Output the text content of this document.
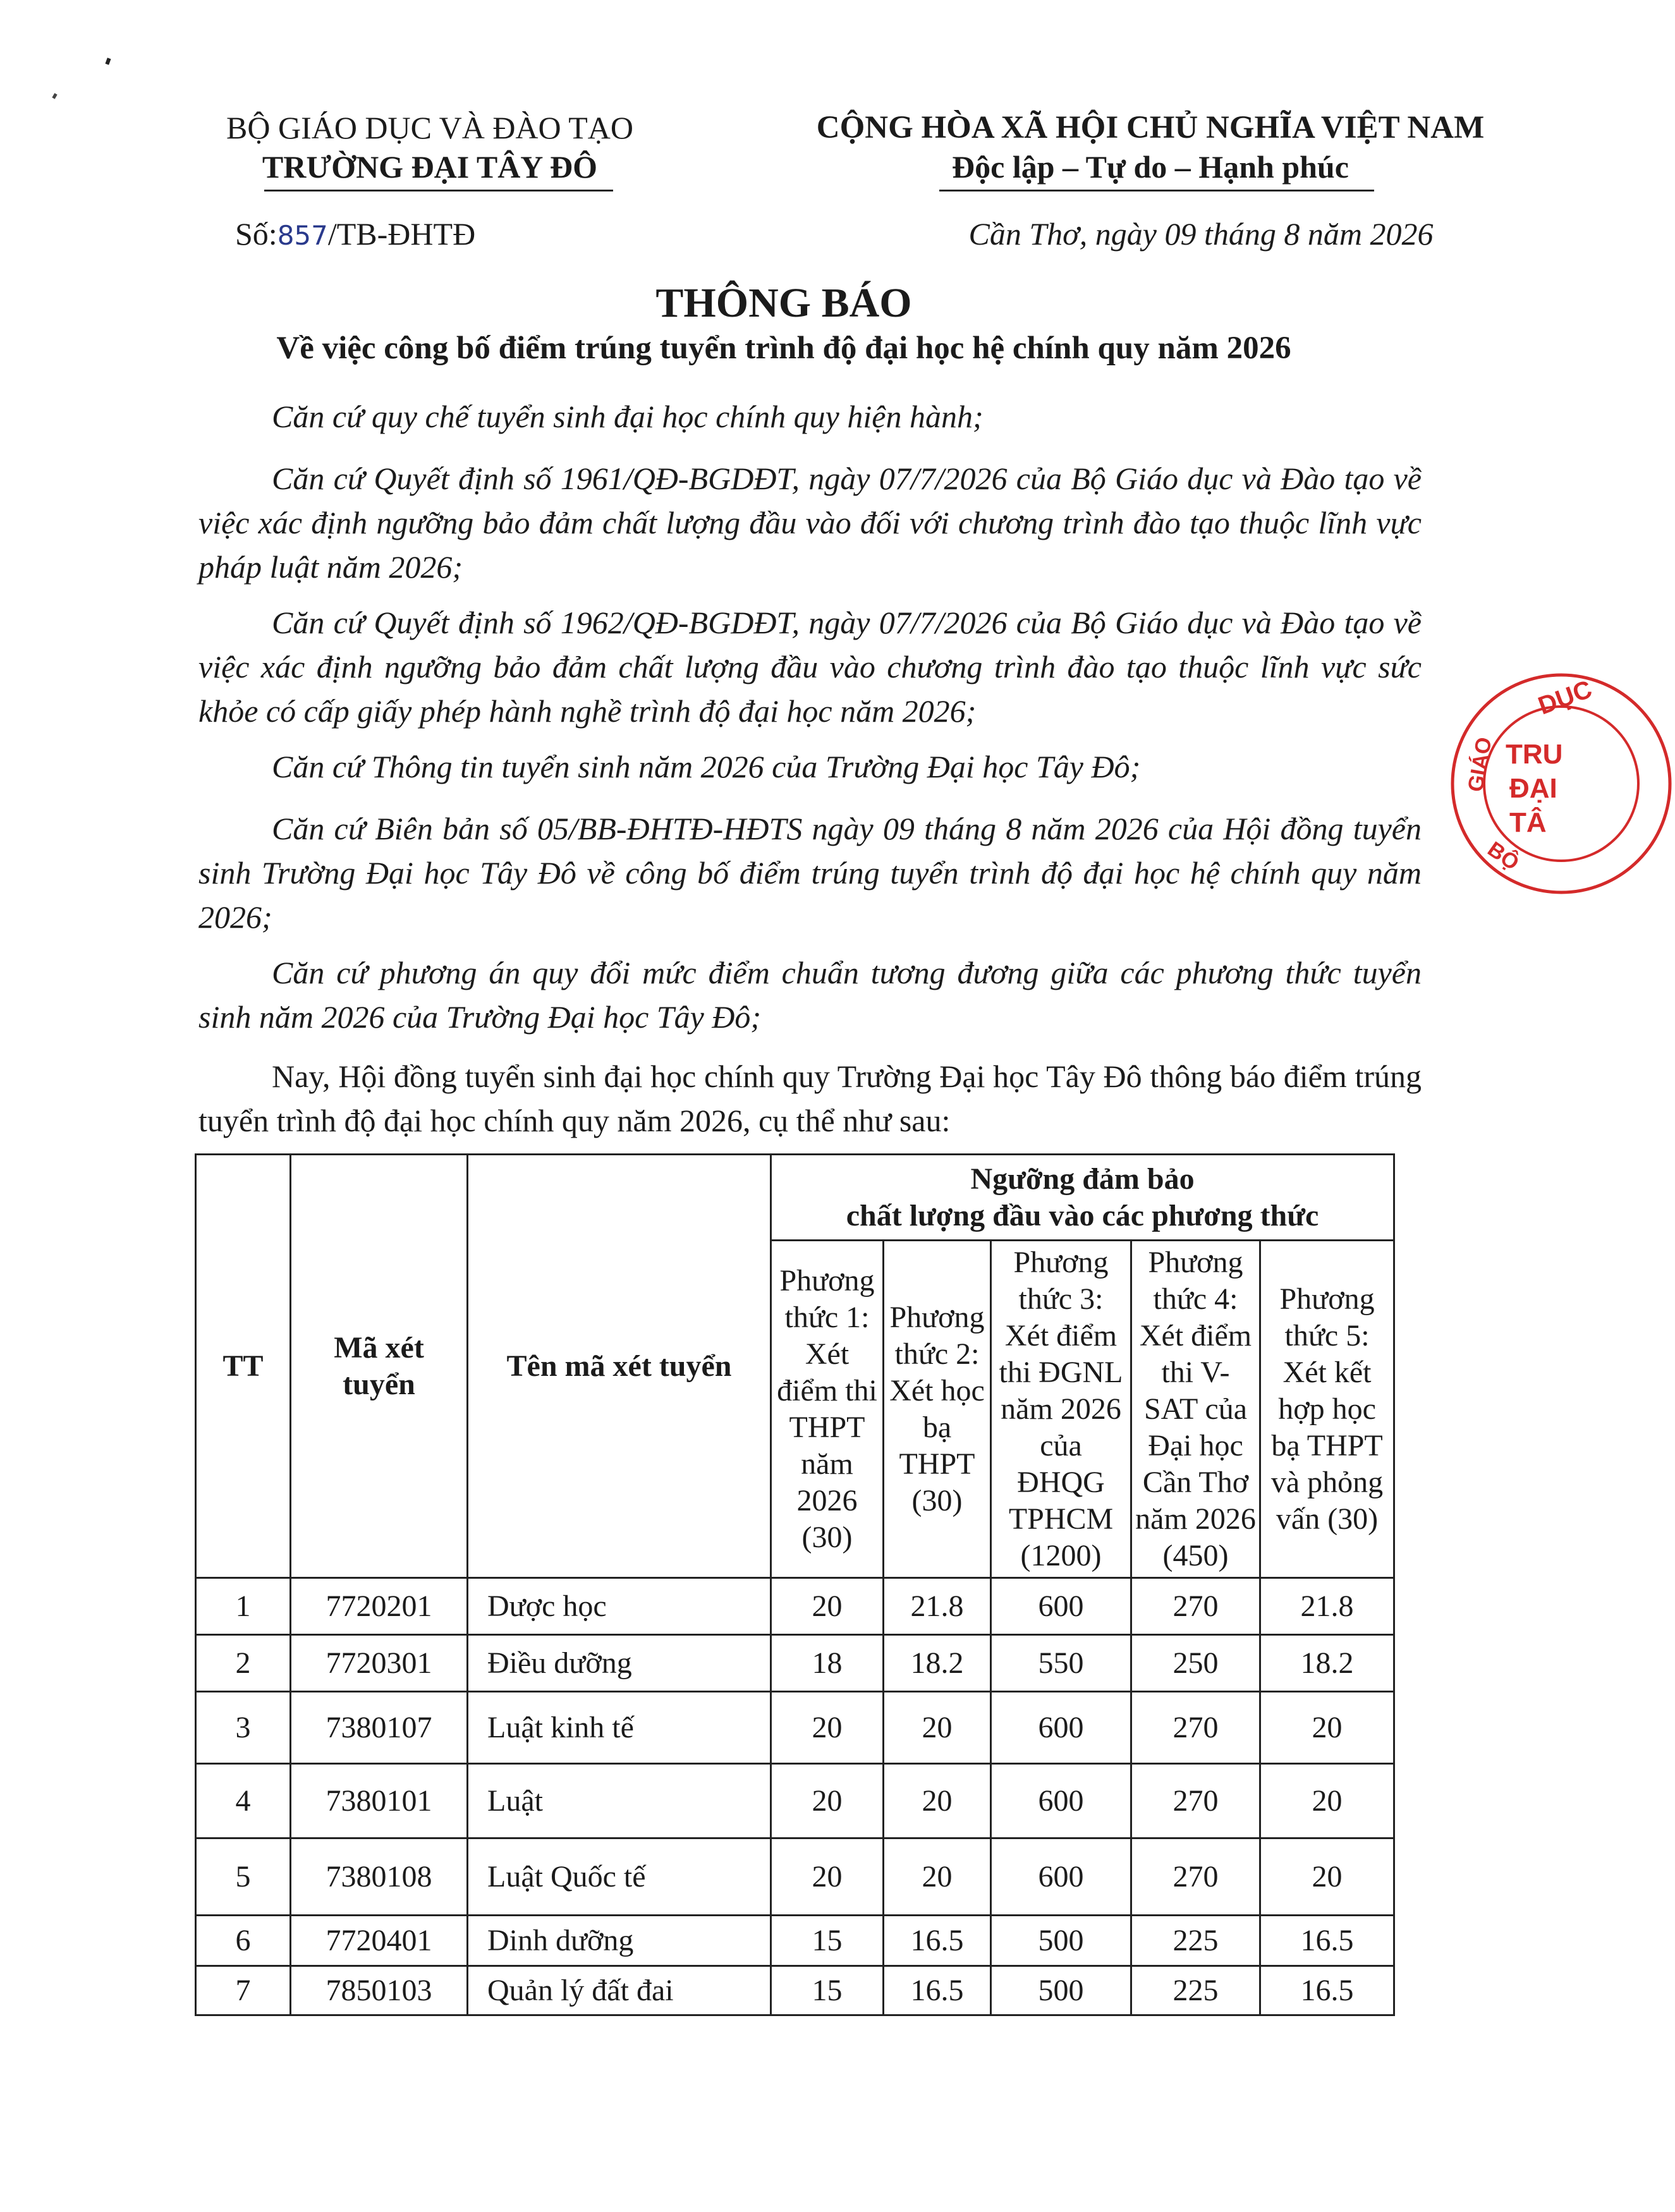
BỘ GIÁO DỤC VÀ ĐÀO TẠO
TRƯỜNG ĐẠI TÂY ĐÔ
CỘNG HÒA XÃ HỘI CHỦ NGHĨA VIỆT NAM
Độc lập – Tự do – Hạnh phúc
Số:857/TB-ĐHTĐ	Cần Thơ, ngày 09 tháng 8 năm 2026
THÔNG BÁO
Về việc công bố điểm trúng tuyển trình độ đại học hệ chính quy năm 2026
Căn cứ quy chế tuyển sinh đại học chính quy hiện hành;
Căn cứ Quyết định số 1961/QĐ-BGDĐT, ngày 07/7/2026 của Bộ Giáo dục và Đào tạo về việc xác định ngưỡng bảo đảm chất lượng đầu vào đối với chương trình đào tạo thuộc lĩnh vực pháp luật năm 2026;
Căn cứ Quyết định số 1962/QĐ-BGDĐT, ngày 07/7/2026 của Bộ Giáo dục và Đào tạo về việc xác định ngưỡng bảo đảm chất lượng đầu vào chương trình đào tạo thuộc lĩnh vực sức khỏe có cấp giấy phép hành nghề trình độ đại học năm 2026;
Căn cứ Thông tin tuyển sinh năm 2026 của Trường Đại học Tây Đô;
Căn cứ Biên bản số 05/BB-ĐHTĐ-HĐTS ngày 09 tháng 8 năm 2026 của Hội đồng tuyển sinh Trường Đại học Tây Đô về công bố điểm trúng tuyển trình độ đại học hệ chính quy năm 2026;
Căn cứ phương án quy đổi mức điểm chuẩn tương đương giữa các phương thức tuyển sinh năm 2026 của Trường Đại học Tây Đô;
Nay, Hội đồng tuyển sinh đại học chính quy Trường Đại học Tây Đô thông báo điểm trúng tuyển trình độ đại học chính quy năm 2026, cụ thể như sau:
TT	Mã xét tuyển	Tên mã xét tuyển	Ngưỡng đảm bảo
chất lượng đầu vào các phương thức				

			Phương thức 1: Xét điểm thi THPT năm 2026 (30)	Phương thức 2: Xét học bạ THPT (30)	Phương thức 3: Xét điểm thi ĐGNL năm 2026 của ĐHQG TPHCM (1200)	Phương thức 4: Xét điểm thi V-SAT của Đại học Cần Thơ năm 2026 (450)	Phương thức 5: Xét kết hợp học bạ THPT và phỏng vấn (30)
1	7720201	Dược học	20	21.8	600	270	21.8
2	7720301	Điều dưỡng	18	18.2	550	250	18.2
3	7380107	Luật kinh tế	20	20	600	270	20
4	7380101	Luật	20	20	600	270	20
5	7380108	Luật Quốc tế	20	20	600	270	20
6	7720401	Dinh dưỡng	15	16.5	500	225	16.5
7	7850103	Quản lý đất đai	15	16.5	500	225	16.5
DỤC
GIÁO
BỘ
TRU
ĐẠI
TÂ
